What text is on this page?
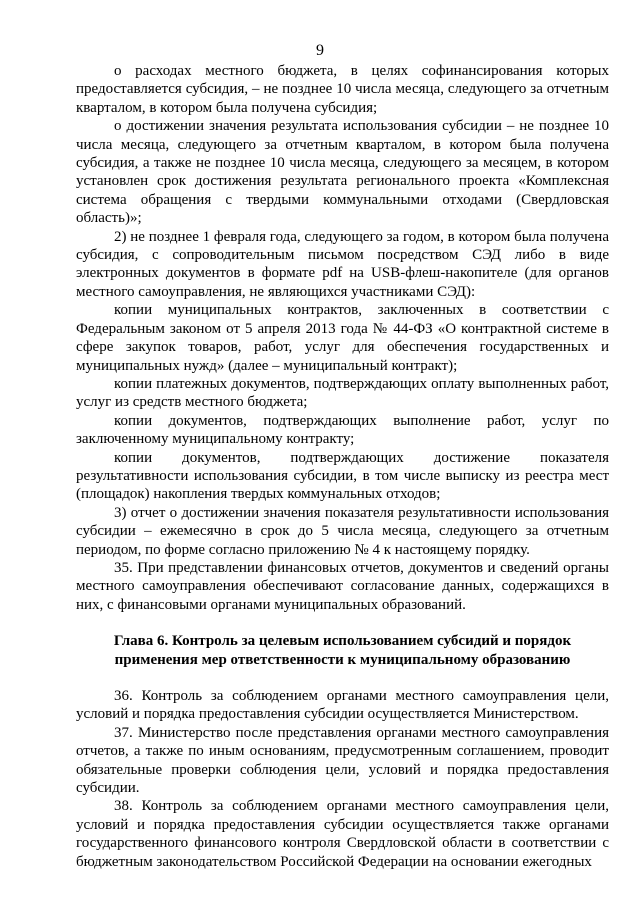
9

о расходах местного бюджета, в целях софинансирования которых предоставляется субсидия, – не позднее 10 числа месяца, следующего за отчетным кварталом, в котором была получена субсидия;

о достижении значения результата использования субсидии – не позднее 10 числа месяца, следующего за отчетным кварталом, в котором была получена субсидия, а также не позднее 10 числа месяца, следующего за месяцем, в котором установлен срок достижения результата регионального проекта «Комплексная система обращения с твердыми коммунальными отходами (Свердловская область)»;

2) не позднее 1 февраля года, следующего за годом, в котором была получена субсидия, с сопроводительным письмом посредством СЭД либо в виде электронных документов в формате pdf на USB-флеш-накопителе (для органов местного самоуправления, не являющихся участниками СЭД):

копии муниципальных контрактов, заключенных в соответствии с Федеральным законом от 5 апреля 2013 года № 44-ФЗ «О контрактной системе в сфере закупок товаров, работ, услуг для обеспечения государственных и муниципальных нужд» (далее – муниципальный контракт);

копии платежных документов, подтверждающих оплату выполненных работ, услуг из средств местного бюджета;

копии документов, подтверждающих выполнение работ, услуг по заключенному муниципальному контракту;

копии документов, подтверждающих достижение показателя результативности использования субсидии, в том числе выписку из реестра мест (площадок) накопления твердых коммунальных отходов;

3) отчет о достижении значения показателя результативности использования субсидии – ежемесячно в срок до 5 числа месяца, следующего за отчетным периодом, по форме согласно приложению № 4 к настоящему порядку.

35. При представлении финансовых отчетов, документов и сведений органы местного самоуправления обеспечивают согласование данных, содержащихся в них, с финансовыми органами муниципальных образований.

Глава 6. Контроль за целевым использованием субсидий и порядок применения мер ответственности к муниципальному образованию

36. Контроль за соблюдением органами местного самоуправления цели, условий и порядка предоставления субсидии осуществляется Министерством.

37. Министерство после представления органами местного самоуправления отчетов, а также по иным основаниям, предусмотренным соглашением, проводит обязательные проверки соблюдения цели, условий и порядка предоставления субсидии.

38. Контроль за соблюдением органами местного самоуправления цели, условий и порядка предоставления субсидии осуществляется также органами государственного финансового контроля Свердловской области в соответствии с бюджетным законодательством Российской Федерации на основании ежегодных
